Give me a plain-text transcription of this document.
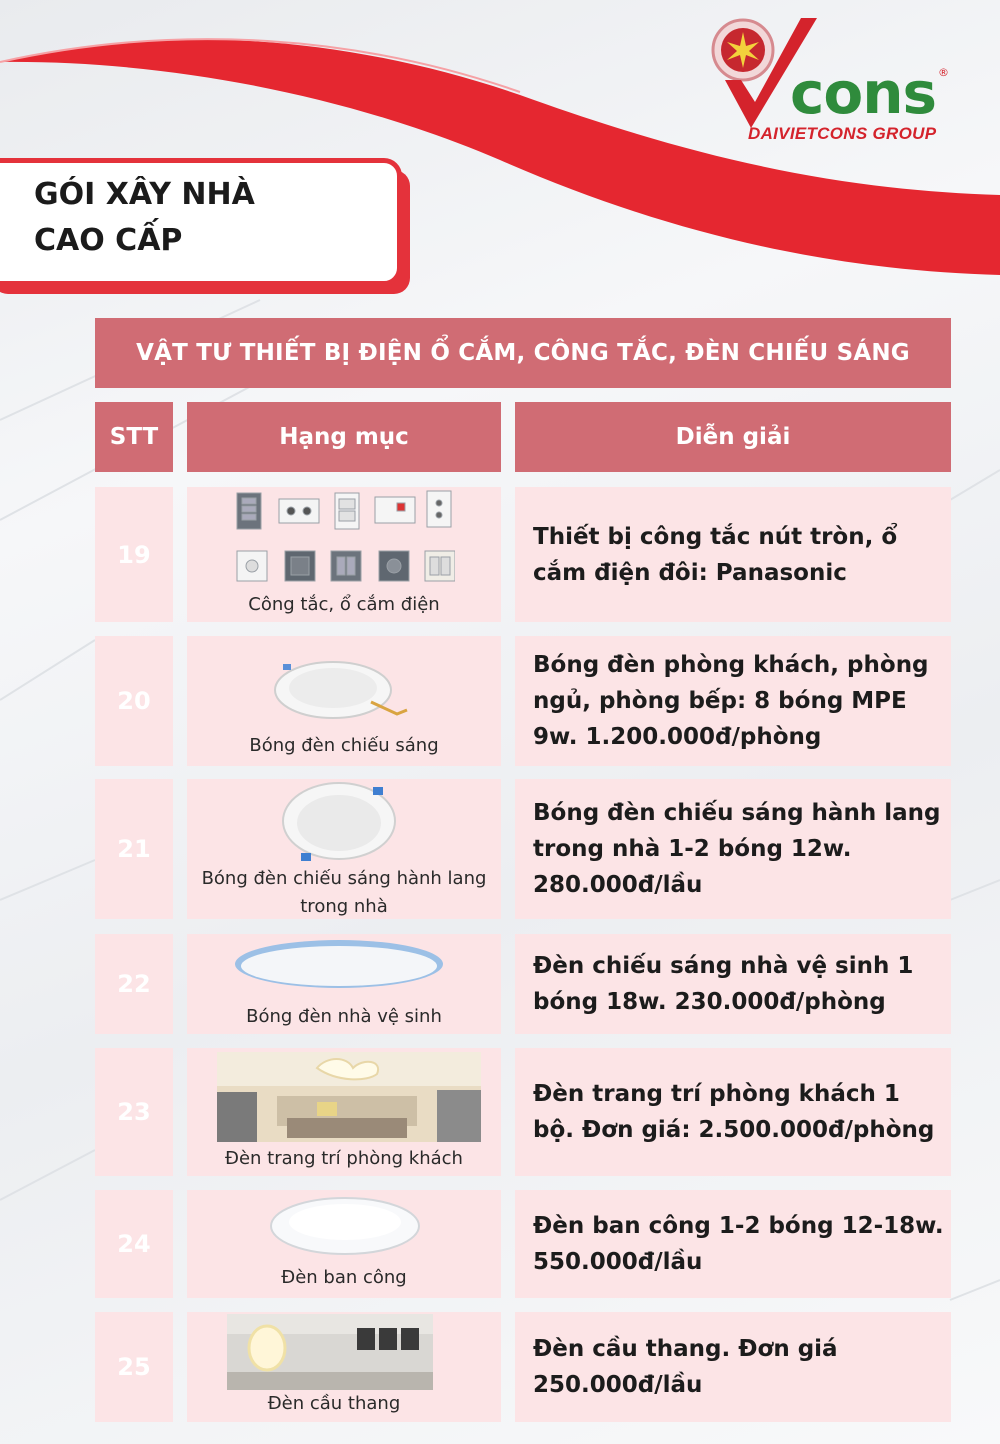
cons ®
DAIVIETCONS GROUP
GÓI XÂY NHÀ
CAO CẤP
VẬT TƯ THIẾT BỊ ĐIỆN Ổ CẮM, CÔNG TẮC, ĐÈN CHIẾU SÁNG
STT	Hạng mục	Diễn giải
19
Công tắc, ổ cắm điện
Thiết bị công tắc nút tròn, ổ cắm điện đôi: Panasonic
20
Bóng đèn chiếu sáng
Bóng đèn phòng khách, phòng ngủ, phòng bếp: 8 bóng MPE 9w. 1.200.000đ/phòng
21
Bóng đèn chiếu sáng hành lang trong nhà
Bóng đèn chiếu sáng hành lang trong nhà 1-2 bóng 12w. 280.000đ/lầu
22
Bóng đèn nhà vệ sinh
Đèn chiếu sáng nhà vệ sinh 1 bóng 18w. 230.000đ/phòng
23
Đèn trang trí phòng khách
Đèn trang trí phòng khách 1 bộ. Đơn giá: 2.500.000đ/phòng
24
Đèn ban công
Đèn ban công 1-2 bóng 12-18w. 550.000đ/lầu
25
Đèn cầu thang
Đèn cầu thang. Đơn giá 250.000đ/lầu
